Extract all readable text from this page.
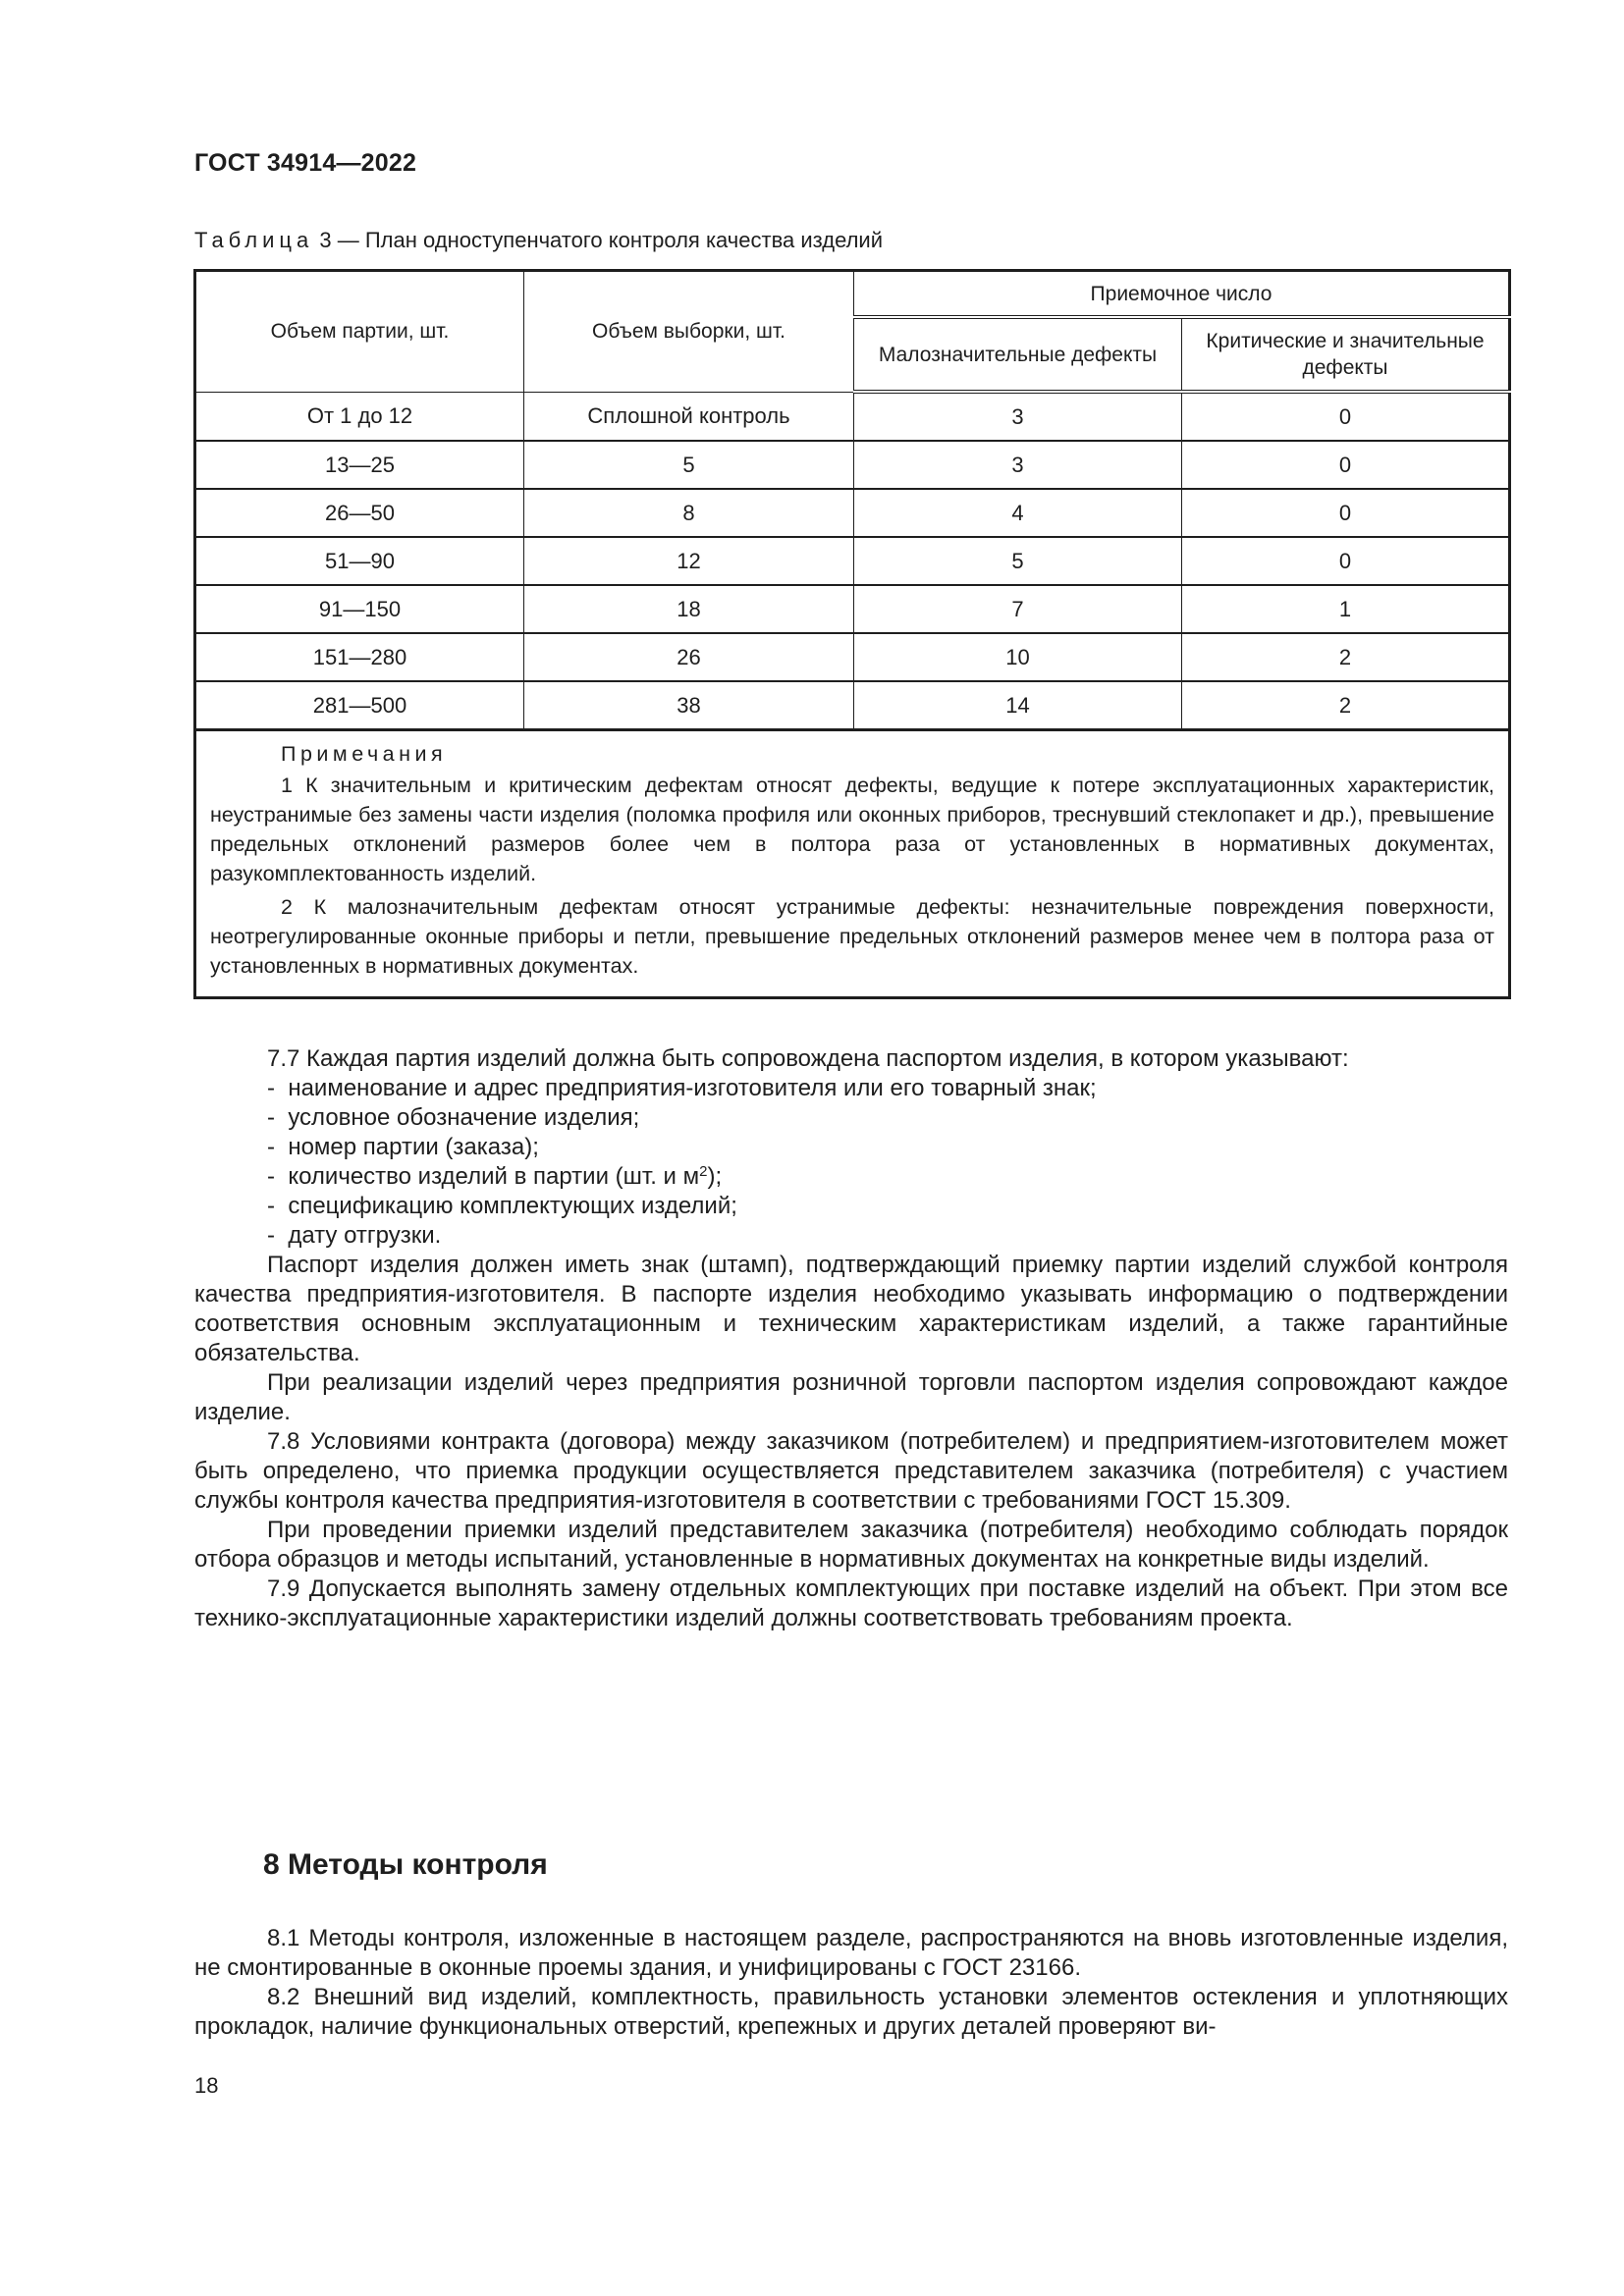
ГОСТ 34914—2022
Таблица 3 — План одноступенчатого контроля качества изделий
Объем партии, шт.	Объем выборки, шт.	Приемочное число	
		Малозначительные дефекты	Критические и значительные дефекты
От 1 до 12	Сплошной контроль	3	0
13—25	5	3	0
26—50	8	4	0
51—90	12	5	0
91—150	18	7	1
151—280	26	10	2
281—500	38	14	2

Примечания

1 К значительным и критическим дефектам относят дефекты, ведущие к потере эксплуатационных характеристик, неустранимые без замены части изделия (поломка профиля или оконных приборов, треснувший стеклопакет и др.), превышение предельных отклонений размеров более чем в полтора раза от установленных в нормативных документах, разукомплектованность изделий.

2 К малозначительным дефектам относят устранимые дефекты: незначительные повреждения поверхности, неотрегулированные оконные приборы и петли, превышение предельных отклонений размеров менее чем в полтора раза от установленных в нормативных документах.			

7.7 Каждая партия изделий должна быть сопровождена паспортом изделия, в котором указывают:

-  наименование и адрес предприятия-изготовителя или его товарный знак;

-  условное обозначение изделия;

-  номер партии (заказа);

-  количество изделий в партии (шт. и $м^2$);

-  спецификацию комплектующих изделий;

-  дату отгрузки.

Паспорт изделия должен иметь знак (штамп), подтверждающий приемку партии изделий службой контроля качества предприятия-изготовителя. В паспорте изделия необходимо указывать информацию о подтверждении соответствия основным эксплуатационным и техническим характеристикам изделий, а также гарантийные обязательства.

При реализации изделий через предприятия розничной торговли паспортом изделия сопровождают каждое изделие.

7.8 Условиями контракта (договора) между заказчиком (потребителем) и предприятием-изготовителем может быть определено, что приемка продукции осуществляется представителем заказчика (потребителя) с участием службы контроля качества предприятия-изготовителя в соответствии с требованиями ГОСТ 15.309.

При проведении приемки изделий представителем заказчика (потребителя) необходимо соблюдать порядок отбора образцов и методы испытаний, установленные в нормативных документах на конкретные виды изделий.

7.9 Допускается выполнять замену отдельных комплектующих при поставке изделий на объект. При этом все технико-эксплуатационные характеристики изделий должны соответствовать требованиям проекта.

8 Методы контроля

8.1 Методы контроля, изложенные в настоящем разделе, распространяются на вновь изготовленные изделия, не смонтированные в оконные проемы здания, и унифицированы с ГОСТ 23166.

8.2 Внешний вид изделий, комплектность, правильность установки элементов остекления и уплотняющих прокладок, наличие функциональных отверстий, крепежных и других деталей проверяют ви-

18
